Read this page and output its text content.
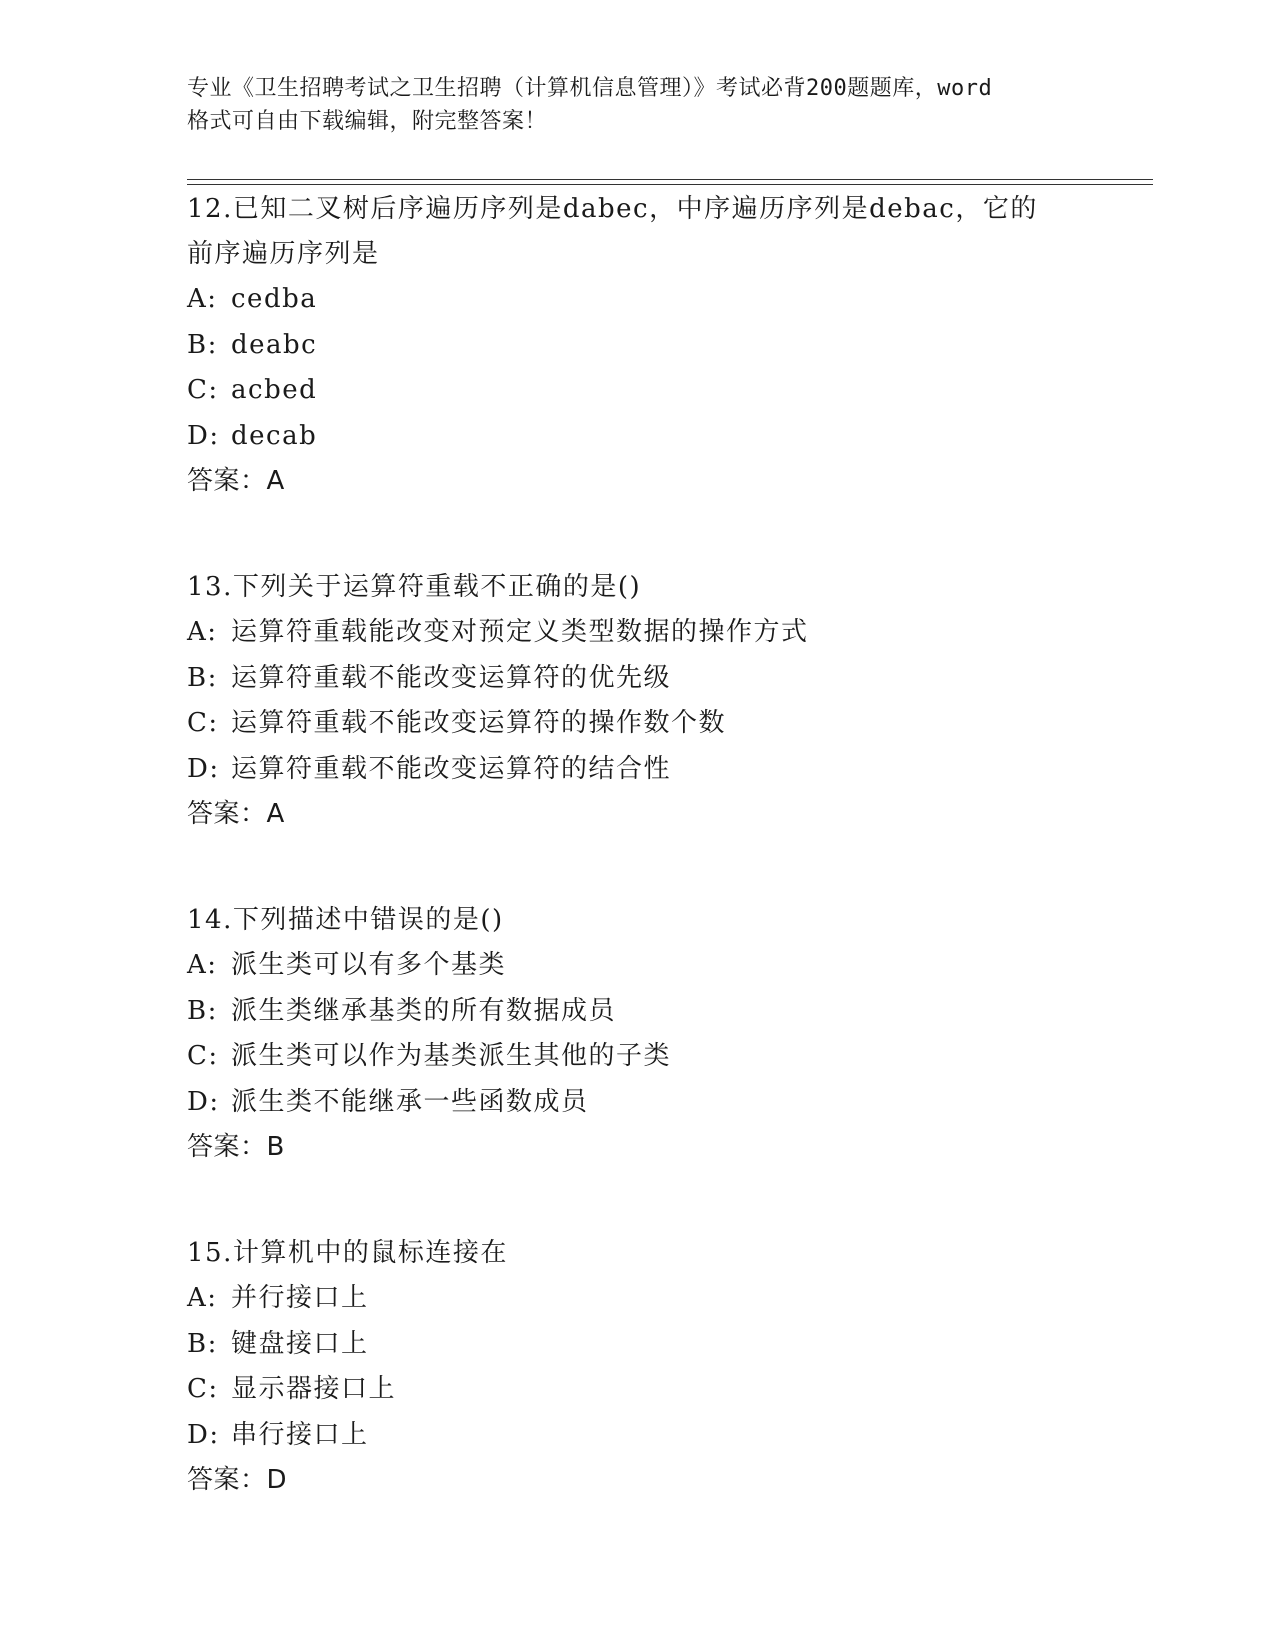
专业《卫生招聘考试之卫生招聘（计算机信息管理）》考试必背200题题库，word

格式可自由下载编辑，附完整答案！

12.已知二叉树后序遍历序列是dabec，中序遍历序列是debac，它的

前序遍历序列是

A: cedba

B: deabc

C: acbed

D: decab

答案：A

13.下列关于运算符重载不正确的是()

A: 运算符重载能改变对预定义类型数据的操作方式

B: 运算符重载不能改变运算符的优先级

C: 运算符重载不能改变运算符的操作数个数

D: 运算符重载不能改变运算符的结合性

答案：A

14.下列描述中错误的是()

A: 派生类可以有多个基类

B: 派生类继承基类的所有数据成员

C: 派生类可以作为基类派生其他的子类

D: 派生类不能继承一些函数成员

答案：B

15.计算机中的鼠标连接在

A: 并行接口上

B: 键盘接口上

C: 显示器接口上

D: 串行接口上

答案：D
